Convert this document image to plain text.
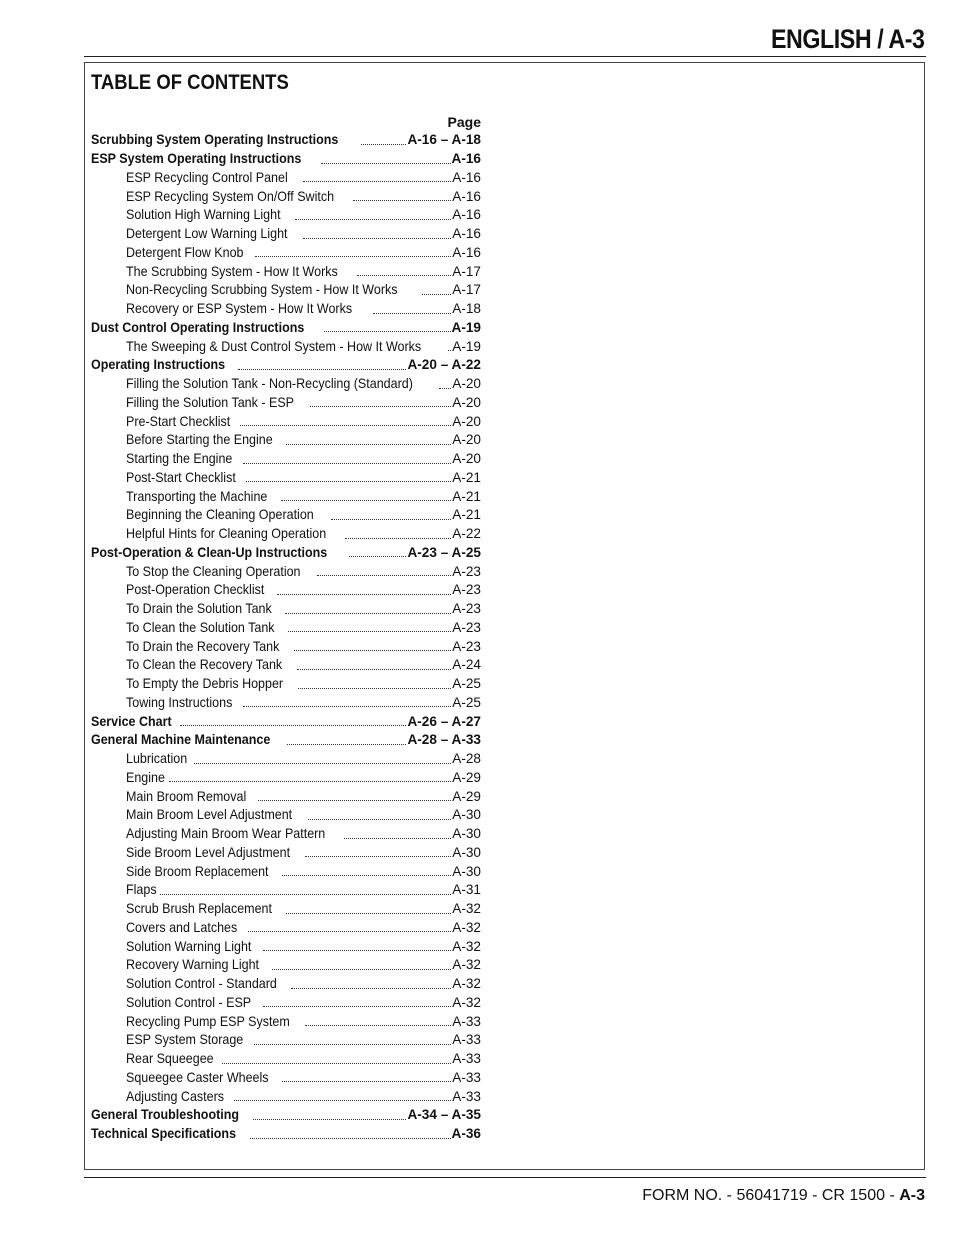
ENGLISH / A-3
TABLE OF CONTENTS
Page
Scrubbing System Operating Instructions	A-16 – A-18
ESP System Operating Instructions	A-16
ESP Recycling Control Panel	A-16
ESP Recycling System On/Off Switch	A-16
Solution High Warning Light	A-16
Detergent Low Warning Light	A-16
Detergent Flow Knob	A-16
The Scrubbing System - How It Works	A-17
Non-Recycling Scrubbing System - How It Works	A-17
Recovery or ESP System - How It Works	A-18
Dust Control Operating Instructions	A-19
The Sweeping & Dust Control System - How It Works A-19
Operating Instructions	A-20 – A-22
Filling the Solution Tank - Non-Recycling (Standard)	A-20
Filling the Solution Tank - ESP	A-20
Pre-Start Checklist	A-20
Before Starting the Engine	A-20
Starting the Engine	A-20
Post-Start Checklist	A-21
Transporting the Machine	A-21
Beginning the Cleaning Operation	A-21
Helpful Hints for Cleaning Operation	A-22
Post-Operation & Clean-Up Instructions	A-23 – A-25
To Stop the Cleaning Operation	A-23
Post-Operation Checklist	A-23
To Drain the Solution Tank	A-23
To Clean the Solution Tank	A-23
To Drain the Recovery Tank	A-23
To Clean the Recovery Tank	A-24
To Empty the Debris Hopper	A-25
Towing Instructions	A-25
Service Chart	A-26 – A-27
General Machine Maintenance	A-28 – A-33
Lubrication	A-28
Engine	A-29
Main Broom Removal	A-29
Main Broom Level Adjustment	A-30
Adjusting Main Broom Wear Pattern	A-30
Side Broom Level Adjustment	A-30
Side Broom Replacement	A-30
Flaps	A-31
Scrub Brush Replacement	A-32
Covers and Latches	A-32
Solution Warning Light	A-32
Recovery Warning Light	A-32
Solution Control - Standard	A-32
Solution Control - ESP	A-32
Recycling Pump ESP System	A-33
ESP System Storage	A-33
Rear Squeegee	A-33
Squeegee Caster Wheels	A-33
Adjusting Casters	A-33
General Troubleshooting	A-34 – A-35
Technical Specifications	A-36
FORM NO. - 56041719 - CR 1500 - A-3
